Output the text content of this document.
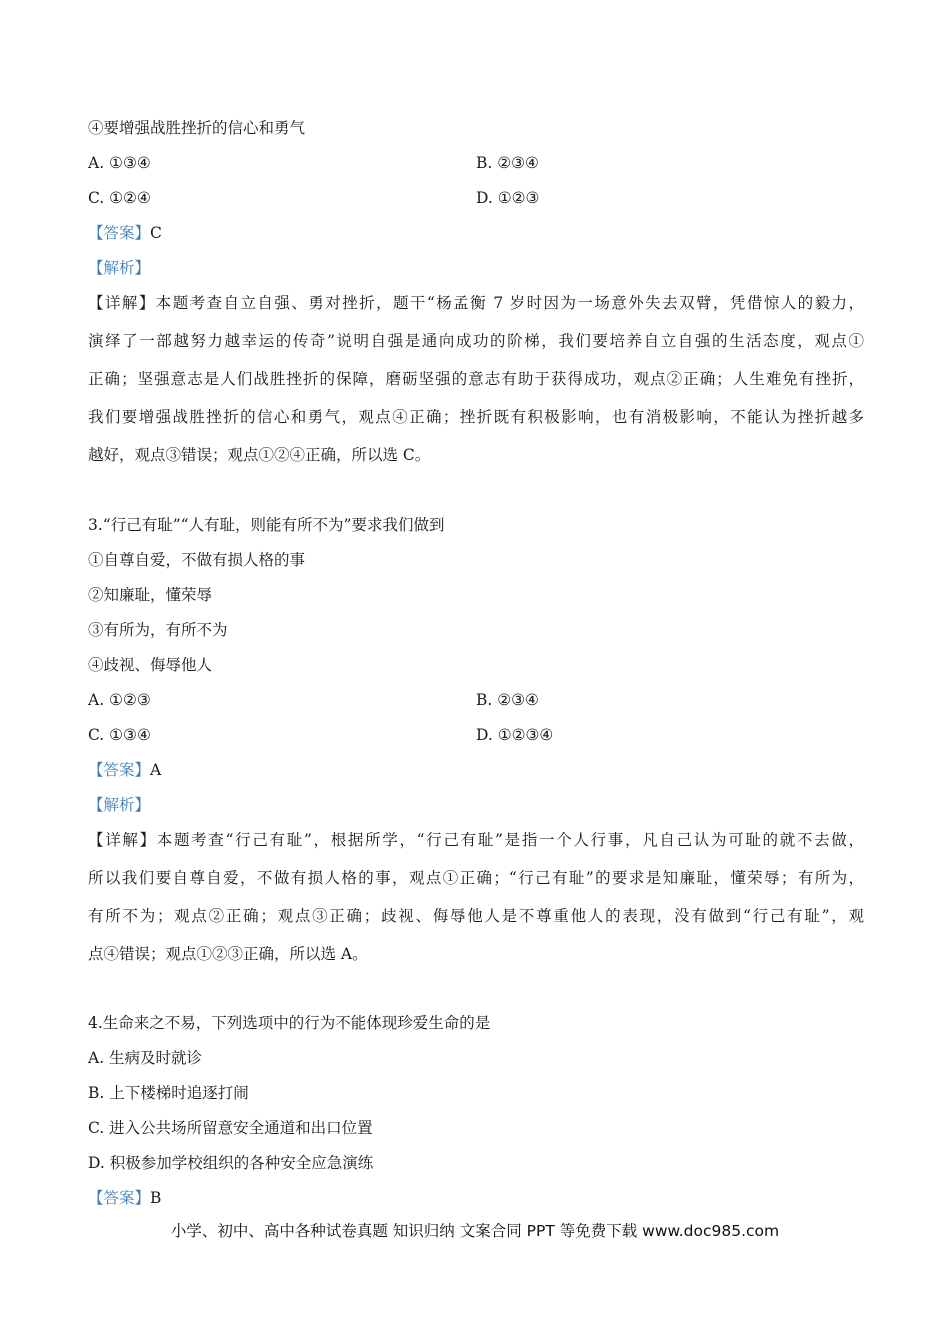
④要增强战胜挫折的信心和勇气
A. ①③④	B. ②③④
C. ①②④	D. ①②③
【答案】C
【解析】
【详解】本题考查自立自强、勇对挫折，题干“杨孟衡 7 岁时因为一场意外失去双臂，凭借惊人的毅力，
演绎了一部越努力越幸运的传奇”说明自强是通向成功的阶梯，我们要培养自立自强的生活态度，观点①
正确；坚强意志是人们战胜挫折的保障，磨砺坚强的意志有助于获得成功，观点②正确；人生难免有挫折，
我们要增强战胜挫折的信心和勇气，观点④正确；挫折既有积极影响，也有消极影响，不能认为挫折越多
越好，观点③错误；观点①②④正确，所以选 C。
3.“行己有耻”“人有耻，则能有所不为”要求我们做到
①自尊自爱，不做有损人格的事
②知廉耻，懂荣辱
③有所为，有所不为
④歧视、侮辱他人
A. ①②③	B. ②③④
C. ①③④	D. ①②③④
【答案】A
【解析】
【详解】本题考查“行己有耻”，根据所学，“行己有耻”是指一个人行事，凡自己认为可耻的就不去做，
所以我们要自尊自爱，不做有损人格的事，观点①正确；“行己有耻”的要求是知廉耻，懂荣辱；有所为，
有所不为；观点②正确；观点③正确；歧视、侮辱他人是不尊重他人的表现，没有做到“行己有耻”，观
点④错误；观点①②③正确，所以选 A。
4.生命来之不易，下列选项中的行为不能体现珍爱生命的是
A. 生病及时就诊
B. 上下楼梯时追逐打闹
C. 进入公共场所留意安全通道和出口位置
D. 积极参加学校组织的各种安全应急演练
【答案】B
小学、初中、高中各种试卷真题 知识归纳 文案合同 PPT 等免费下载 www.doc985.com
